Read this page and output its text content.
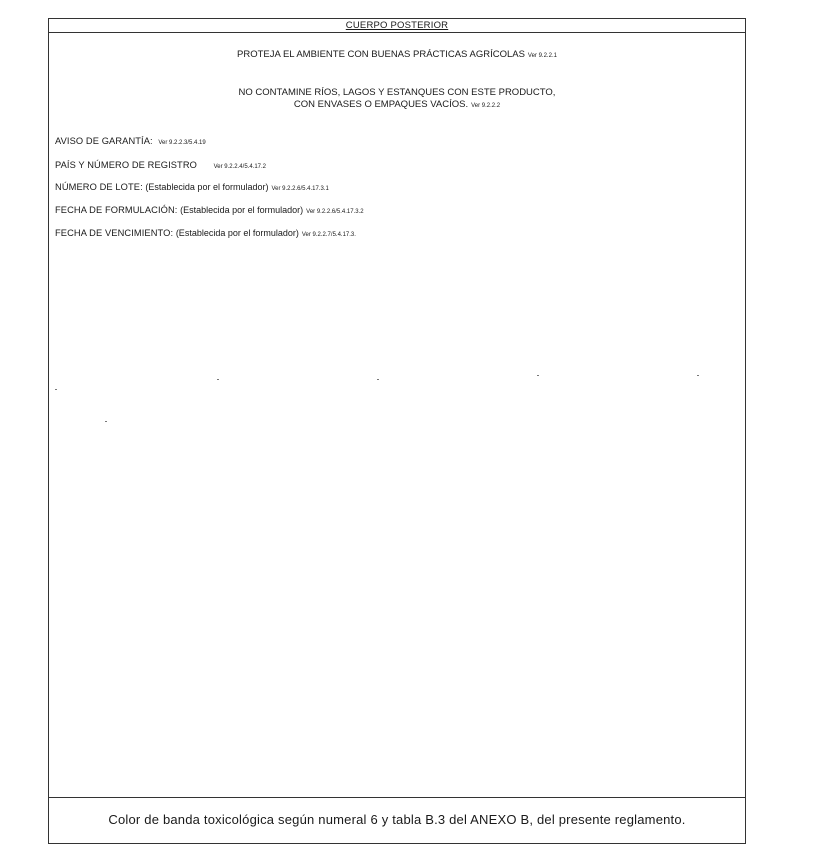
CUERPO POSTERIOR
PROTEJA EL AMBIENTE CON BUENAS PRÁCTICAS AGRÍCOLAS Ver 9.2.2.1
NO CONTAMINE RÍOS, LAGOS Y ESTANQUES CON ESTE PRODUCTO,
CON ENVASES O EMPAQUES VACÍOS. Ver 9.2.2.2
AVISO DE GARANTÍA: Ver 9.2.2.3/5.4.19
PAÍS Y NÚMERO DE REGISTRO	Ver 9.2.2.4/5.4.17.2
NÚMERO DE LOTE: (Establecida por el formulador) Ver 9.2.2.6/5.4.17.3.1
FECHA DE FORMULACIÓN: (Establecida por el formulador) Ver 9.2.2.6/5.4.17.3.2
FECHA DE VENCIMIENTO: (Establecida por el formulador) Ver 9.2.2.7/5.4.17.3.
Color de banda toxicológica según numeral 6 y tabla B.3 del ANEXO B, del presente reglamento.
